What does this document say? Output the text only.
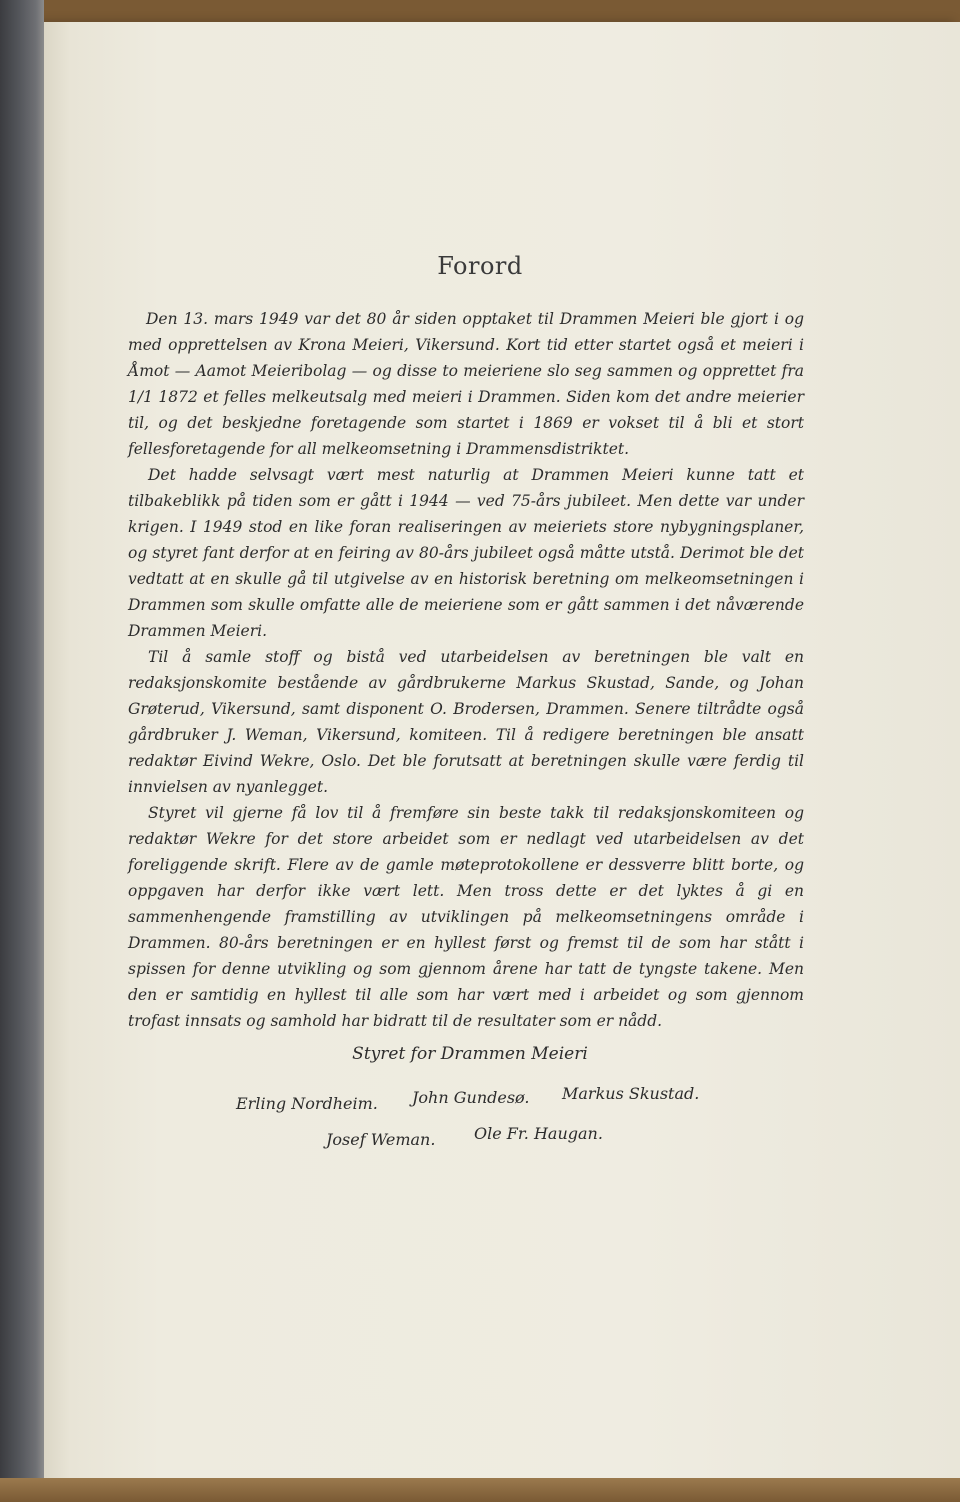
Forord

Den 13. mars 1949 var det 80 år siden opptaket til Drammen Meieri ble gjort i og med opprettelsen av Krona Meieri, Vikersund. Kort tid etter startet også et meieri i Åmot — Aamot Meieribolag — og disse to meieriene slo seg sammen og opprettet fra 1/1 1872 et felles melkeutsalg med meieri i Drammen. Siden kom det andre meierier til, og det beskjedne foretagende som startet i 1869 er vokset til å bli et stort fellesforetagende for all melkeomsetning i Drammensdistriktet.

Det hadde selvsagt vært mest naturlig at Drammen Meieri kunne tatt et tilbakeblikk på tiden som er gått i 1944 — ved 75-års jubileet. Men dette var under krigen. I 1949 stod en like foran realiseringen av meieriets store nybygningsplaner, og styret fant derfor at en feiring av 80-års jubileet også måtte utstå. Derimot ble det vedtatt at en skulle gå til utgivelse av en historisk beretning om melkeomsetningen i Drammen som skulle omfatte alle de meieriene som er gått sammen i det nåværende Drammen Meieri.

Til å samle stoff og bistå ved utarbeidelsen av beretningen ble valt en redaksjonskomite bestående av gårdbrukerne Markus Skustad, Sande, og Johan Grøterud, Vikersund, samt disponent O. Brodersen, Drammen. Senere tiltrådte også gårdbruker J. Weman, Vikersund, komiteen. Til å redigere beretningen ble ansatt redaktør Eivind Wekre, Oslo. Det ble forutsatt at beretningen skulle være ferdig til innvielsen av nyanlegget.

Styret vil gjerne få lov til å fremføre sin beste takk til redaksjonskomiteen og redaktør Wekre for det store arbeidet som er nedlagt ved utarbeidelsen av det foreliggende skrift. Flere av de gamle møteprotokollene er dessverre blitt borte, og oppgaven har derfor ikke vært lett. Men tross dette er det lyktes å gi en sammenhengende framstilling av utviklingen på melkeomsetningens område i Drammen. 80-års beretningen er en hyllest først og fremst til de som har stått i spissen for denne utvikling og som gjennom årene har tatt de tyngste takene. Men den er samtidig en hyllest til alle som har vært med i arbeidet og som gjennom trofast innsats og samhold har bidratt til de resultater som er nådd.

Styret for Drammen Meieri
Erling Nordheim. John Gundesø. Markus Skustad.
Josef Weman. Ole Fr. Haugan.
